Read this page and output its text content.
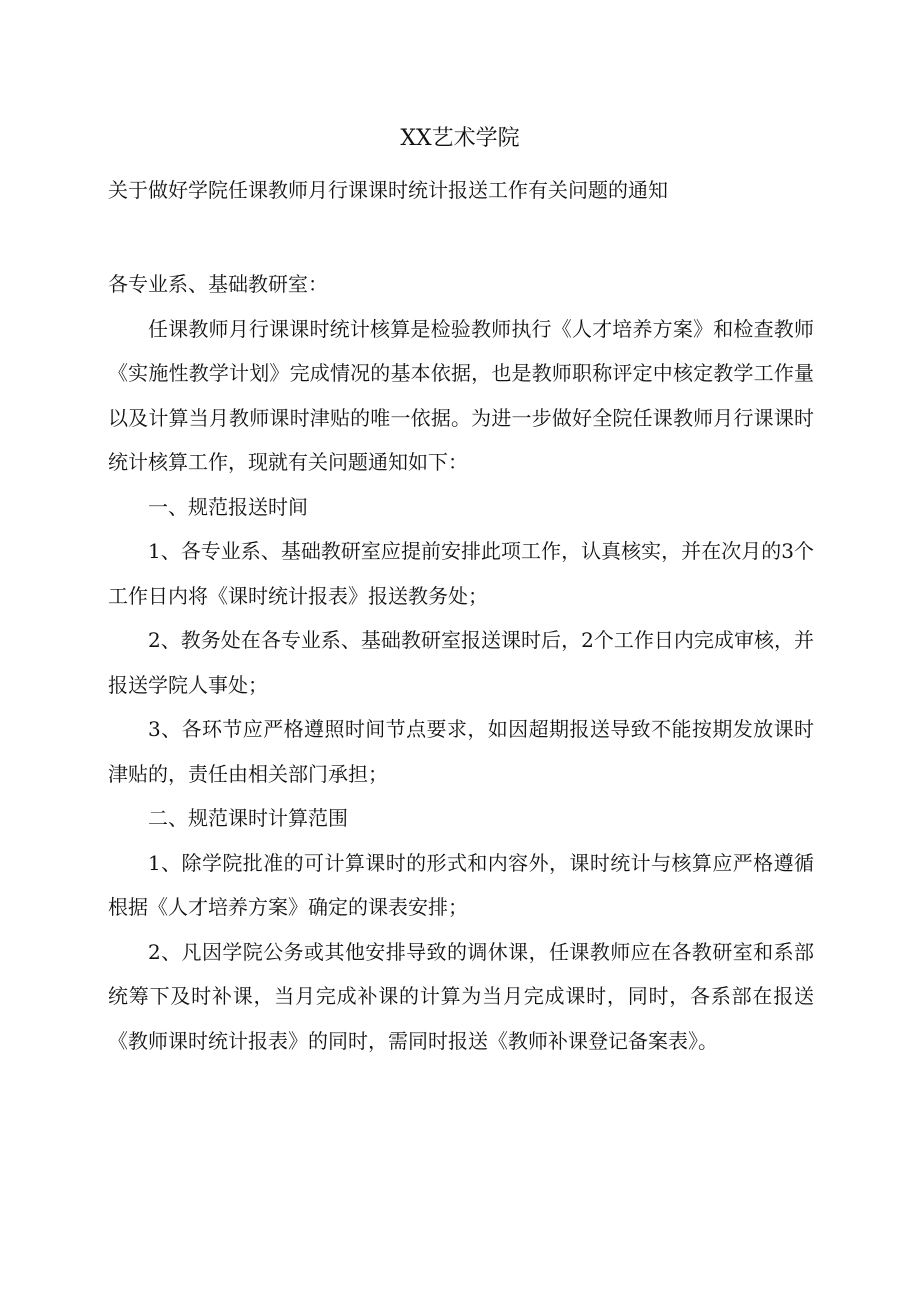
XX艺术学院
关于做好学院任课教师月行课课时统计报送工作有关问题的通知

各专业系、基础教研室：

任课教师月行课课时统计核算是检验教师执行《人才培养方案》和检查教师《实施性教学计划》完成情况的基本依据，也是教师职称评定中核定教学工作量以及计算当月教师课时津贴的唯一依据。为进一步做好全院任课教师月行课课时统计核算工作，现就有关问题通知如下：

一、规范报送时间

1、各专业系、基础教研室应提前安排此项工作，认真核实，并在次月的3个工作日内将《课时统计报表》报送教务处；

2、教务处在各专业系、基础教研室报送课时后，2个工作日内完成审核，并报送学院人事处；

3、各环节应严格遵照时间节点要求，如因超期报送导致不能按期发放课时津贴的，责任由相关部门承担；

二、规范课时计算范围

1、除学院批准的可计算课时的形式和内容外，课时统计与核算应严格遵循根据《人才培养方案》确定的课表安排；

2、凡因学院公务或其他安排导致的调休课，任课教师应在各教研室和系部统筹下及时补课，当月完成补课的计算为当月完成课时，同时，各系部在报送《教师课时统计报表》的同时，需同时报送《教师补课登记备案表》。
